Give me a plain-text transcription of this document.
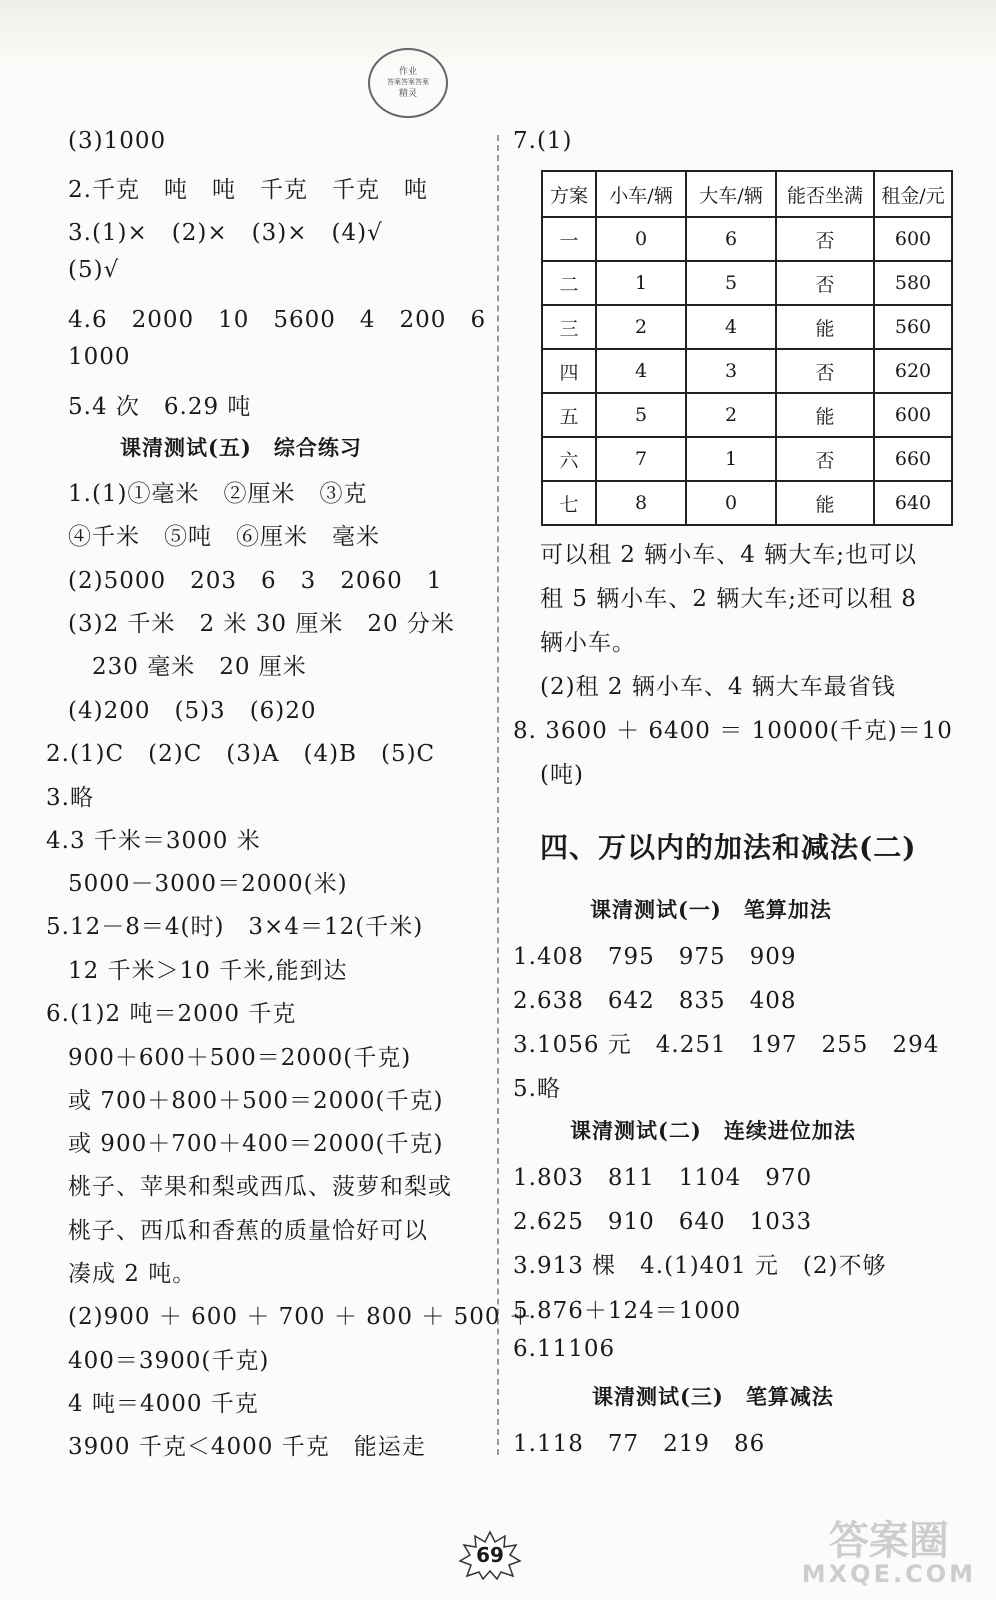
作业
答案答案答案
精灵
(3)1000
2.千克　吨　吨　千克　千克　吨
3.(1)×　(2)×　(3)×　(4)√
(5)√
4.6　2000　10　5600　4　200　6
1000
5.4 次　6.29 吨
课清测试(五)　综合练习
1.(1)①毫米　②厘米　③克
④千米　⑤吨　⑥厘米　毫米
(2)5000　203　6　3　2060　1
(3)2 千米　2 米 30 厘米　20 分米
230 毫米　20 厘米
(4)200　(5)3　(6)20
2.(1)C　(2)C　(3)A　(4)B　(5)C
3.略
4.3 千米＝3000 米
5000－3000＝2000(米)
5.12－8＝4(时)　3×4＝12(千米)
12 千米＞10 千米,能到达
6.(1)2 吨＝2000 千克
900＋600＋500＝2000(千克)
或 700＋800＋500＝2000(千克)
或 900＋700＋400＝2000(千克)
桃子、苹果和梨或西瓜、菠萝和梨或
桃子、西瓜和香蕉的质量恰好可以
凑成 2 吨。
(2)900 ＋ 600 ＋ 700 ＋ 800 ＋ 500 ＋
400＝3900(千克)
4 吨＝4000 千克
3900 千克＜4000 千克　能运走
7.(1)
方案	小车/辆	大车/辆	能否坐满	租金/元
一	0	6	否	600
二	1	5	否	580
三	2	4	能	560
四	4	3	否	620
五	5	2	能	600
六	7	1	否	660
七	8	0	能	640
可以租 2 辆小车、4 辆大车;也可以
租 5 辆小车、2 辆大车;还可以租 8
辆小车。
(2)租 2 辆小车、4 辆大车最省钱
8. 3600 ＋ 6400 ＝ 10000(千克)＝10
(吨)
四、万以内的加法和减法(二)
课清测试(一)　笔算加法
1.408　795　975　909
2.638　642　835　408
3.1056 元　4.251　197　255　294
5.略
课清测试(二)　连续进位加法
1.803　811　1104　970
2.625　910　640　1033
3.913 棵　4.(1)401 元　(2)不够
5.876＋124＝1000
6.11106
课清测试(三)　笔算减法
1.118　77　219　86
69	答案圈
MXQE.COM
